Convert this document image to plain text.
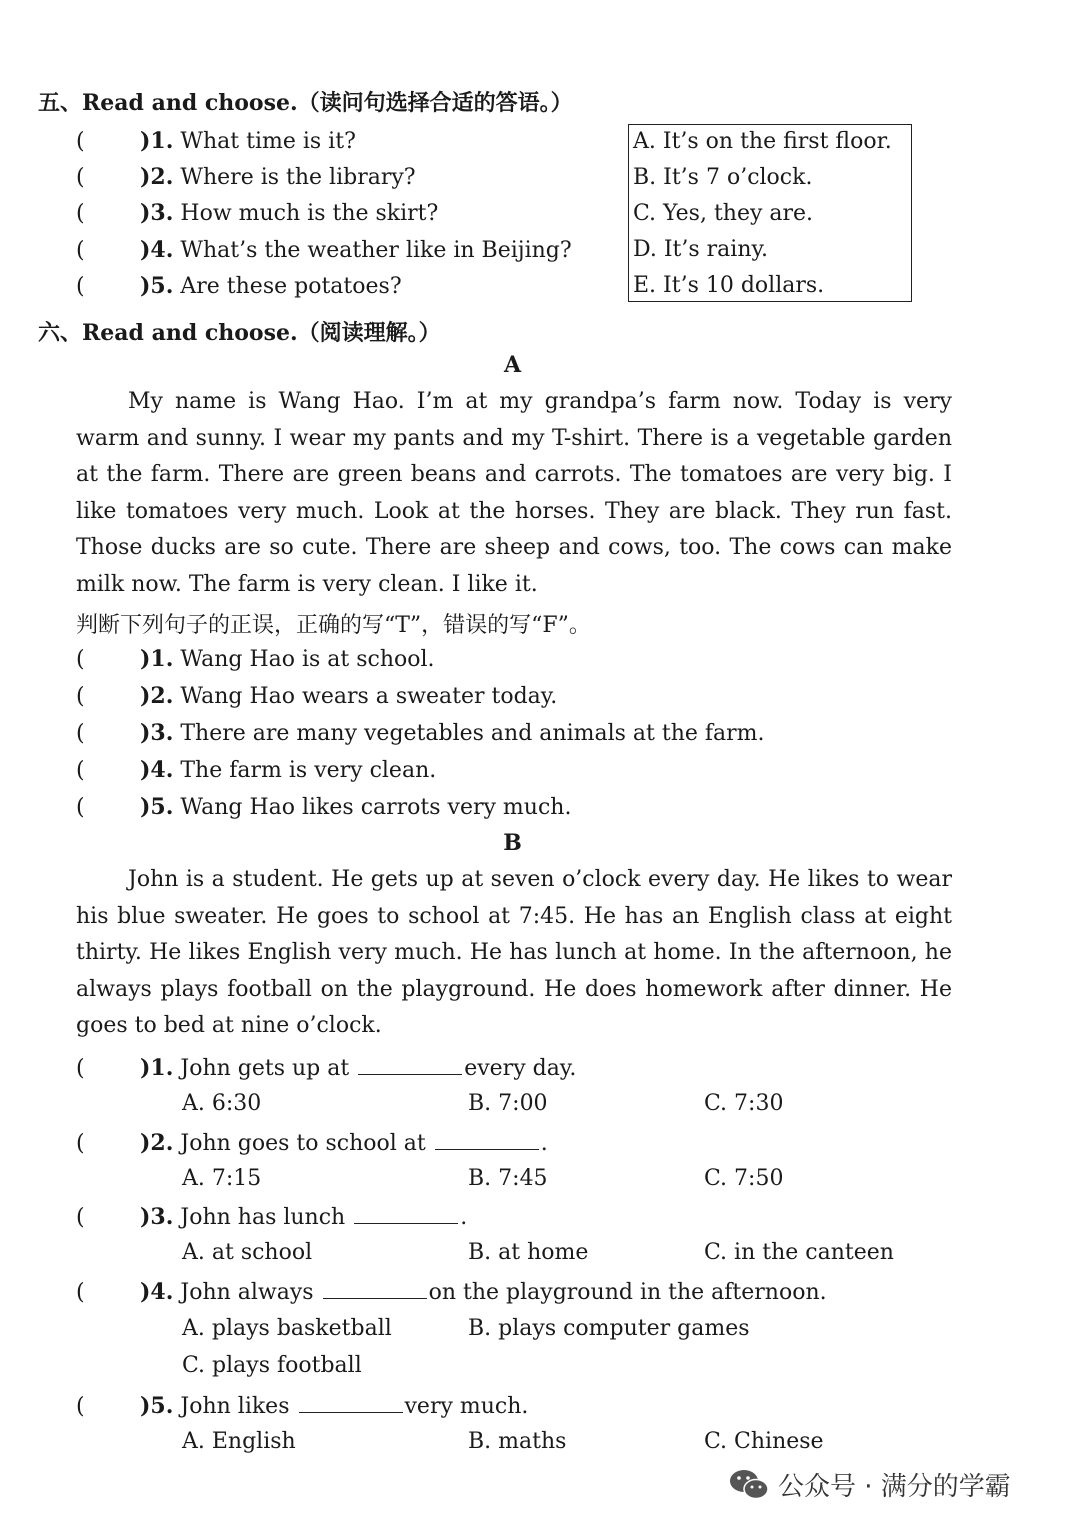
五、Read and choose.（读问句选择合适的答语。）
(	)1. What time is it?
(	)2. Where is the library?
(	)3. How much is the skirt?
(	)4. What’s the weather like in Beijing?
(	)5. Are these potatoes?
A. It’s on the first floor.
B. It’s 7 o’clock.
C. Yes, they are.
D. It’s rainy.
E. It’s 10 dollars.
六、Read and choose.（阅读理解。）
A

My name is Wang Hao. I’m at my grandpa’s farm now. Today is very warm and sunny. I wear my pants and my T-shirt. There is a vegetable garden at the farm. There are green beans and carrots. The tomatoes are very big. I like tomatoes very much. Look at the horses. They are black. They run fast. Those ducks are so cute. There are sheep and cows, too. The cows can make milk now. The farm is very clean. I like it.

判断下列句子的正误，正确的写“T”，错误的写“F”。
(	)1. Wang Hao is at school.
(	)2. Wang Hao wears a sweater today.
(	)3. There are many vegetables and animals at the farm.
(	)4. The farm is very clean.
(	)5. Wang Hao likes carrots very much.
B

John is a student. He gets up at seven o’clock every day. He likes to wear his blue sweater. He goes to school at 7:45. He has an English class at eight thirty. He likes English very much. He has lunch at home. In the afternoon, he always plays football on the playground. He does homework after dinner. He goes to bed at nine o’clock.

(	)1. John gets up at	every day.
A. 6:30	B. 7:00	C. 7:30
(	)2. John goes to school at	.
A. 7:15	B. 7:45	C. 7:50
(	)3. John has lunch	.
A. at school	B. at home	C. in the canteen
(	)4. John always	on the playground in the afternoon.
A. plays basketball	B. plays computer games
C. plays football
(	)5. John likes	very much.
A. English	B. maths	C. Chinese
公众号 · 满分的学霸
